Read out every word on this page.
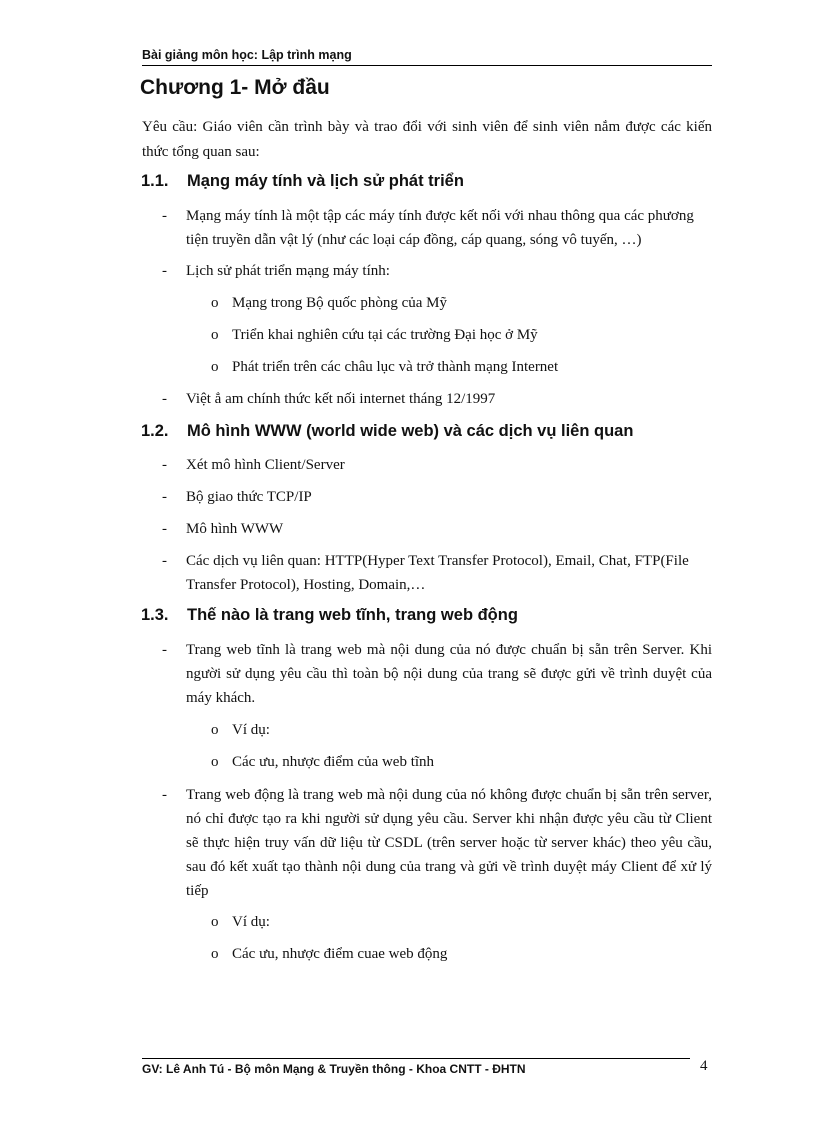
Bài giảng môn học: Lập trình mạng
Chương 1- Mở đầu
Yêu cầu: Giáo viên cần trình bày và trao đổi với sinh viên để sinh viên nắm được các kiến thức tổng quan sau:
1.1. Mạng máy tính và lịch sử phát triển
- Mạng máy tính là một tập các máy tính được kết nối với nhau thông qua các phương tiện truyền dẫn vật lý (như các loại cáp đồng, cáp quang, sóng vô tuyến, …)
- Lịch sử phát triển mạng máy tính:
o Mạng trong Bộ quốc phòng của Mỹ
o Triển khai nghiên cứu tại các trường Đại học ở Mỹ
o Phát triển trên các châu lục và trở thành mạng Internet
- Việt ẳ am chính thức kết nối internet tháng 12/1997
1.2. Mô hình WWW (world wide web) và các dịch vụ liên quan
- Xét mô hình Client/Server
- Bộ giao thức TCP/IP
- Mô hình WWW
- Các dịch vụ liên quan: HTTP(Hyper Text Transfer Protocol), Email, Chat, FTP(File Transfer Protocol), Hosting, Domain,…
1.3. Thế nào là trang web tĩnh, trang web động
- Trang web tĩnh là trang web mà nội dung của nó được chuẩn bị sẵn trên Server. Khi người sử dụng yêu cầu thì toàn bộ nội dung của trang sẽ được gửi về trình duyệt của máy khách.
o Ví dụ:
o Các ưu, nhược điểm của web tĩnh
- Trang web động là trang web mà nội dung của nó không được chuẩn bị sẵn trên server, nó chỉ được tạo ra khi người sử dụng yêu cầu. Server khi nhận được yêu cầu từ Client sẽ thực hiện truy vấn dữ liệu từ CSDL (trên server hoặc từ server khác) theo yêu cầu, sau đó kết xuất tạo thành nội dung của trang và gửi về trình duyệt máy Client để xử lý tiếp
o Ví dụ:
o Các ưu, nhược điểm cuae web động
GV: Lê Anh Tú - Bộ môn Mạng & Truyền thông - Khoa CNTT - ĐHTN	4
